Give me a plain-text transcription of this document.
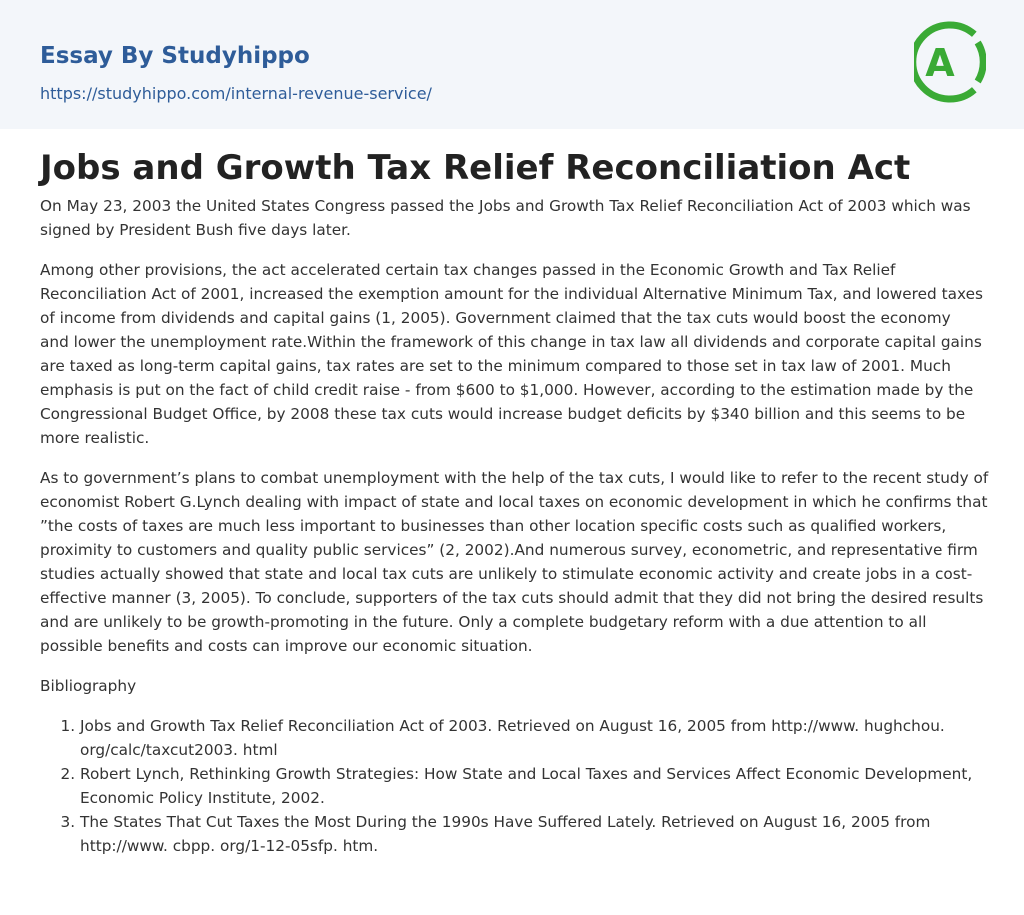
Essay By Studyhippo
https://studyhippo.com/internal-revenue-service/
A
Jobs and Growth Tax Relief Reconciliation Act

On May 23, 2003 the United States Congress passed the Jobs and Growth Tax Relief Reconciliation Act of 2003 which was signed by President Bush five days later.

Among other provisions, the act accelerated certain tax changes passed in the Economic Growth and Tax Relief Reconciliation Act of 2001, increased the exemption amount for the individual Alternative Minimum Tax, and lowered taxes of income from dividends and capital gains (1, 2005). Government claimed that the tax cuts would boost the economy and lower the unemployment rate.Within the framework of this change in tax law all dividends and corporate capital gains are taxed as long-term capital gains, tax rates are set to the minimum compared to those set in tax law of 2001. Much emphasis is put on the fact of child credit raise - from $600 to $1,000. However, according to the estimation made by the Congressional Budget Office, by 2008 these tax cuts would increase budget deficits by $340 billion and this seems to be more realistic.

As to government’s plans to combat unemployment with the help of the tax cuts, I would like to refer to the recent study of economist Robert G.Lynch dealing with impact of state and local taxes on economic development in which he confirms that ”the costs of taxes are much less important to businesses than other location specific costs such as qualified workers, proximity to customers and quality public services” (2, 2002).And numerous survey, econometric, and representative firm studies actually showed that state and local tax cuts are unlikely to stimulate economic activity and create jobs in a cost-effective manner (3, 2005). To conclude, supporters of the tax cuts should admit that they did not bring the desired results and are unlikely to be growth-promoting in the future. Only a complete budgetary reform with a due attention to all possible benefits and costs can improve our economic situation.

Bibliography

1. Jobs and Growth Tax Relief Reconciliation Act of 2003. Retrieved on August 16, 2005 from http://www. hughchou. org/calc/taxcut2003. html
2. Robert Lynch, Rethinking Growth Strategies: How State and Local Taxes and Services Affect Economic Development, Economic Policy Institute, 2002.
3. The States That Cut Taxes the Most During the 1990s Have Suffered Lately. Retrieved on August 16, 2005 from http://www. cbpp. org/1-12-05sfp. htm.
